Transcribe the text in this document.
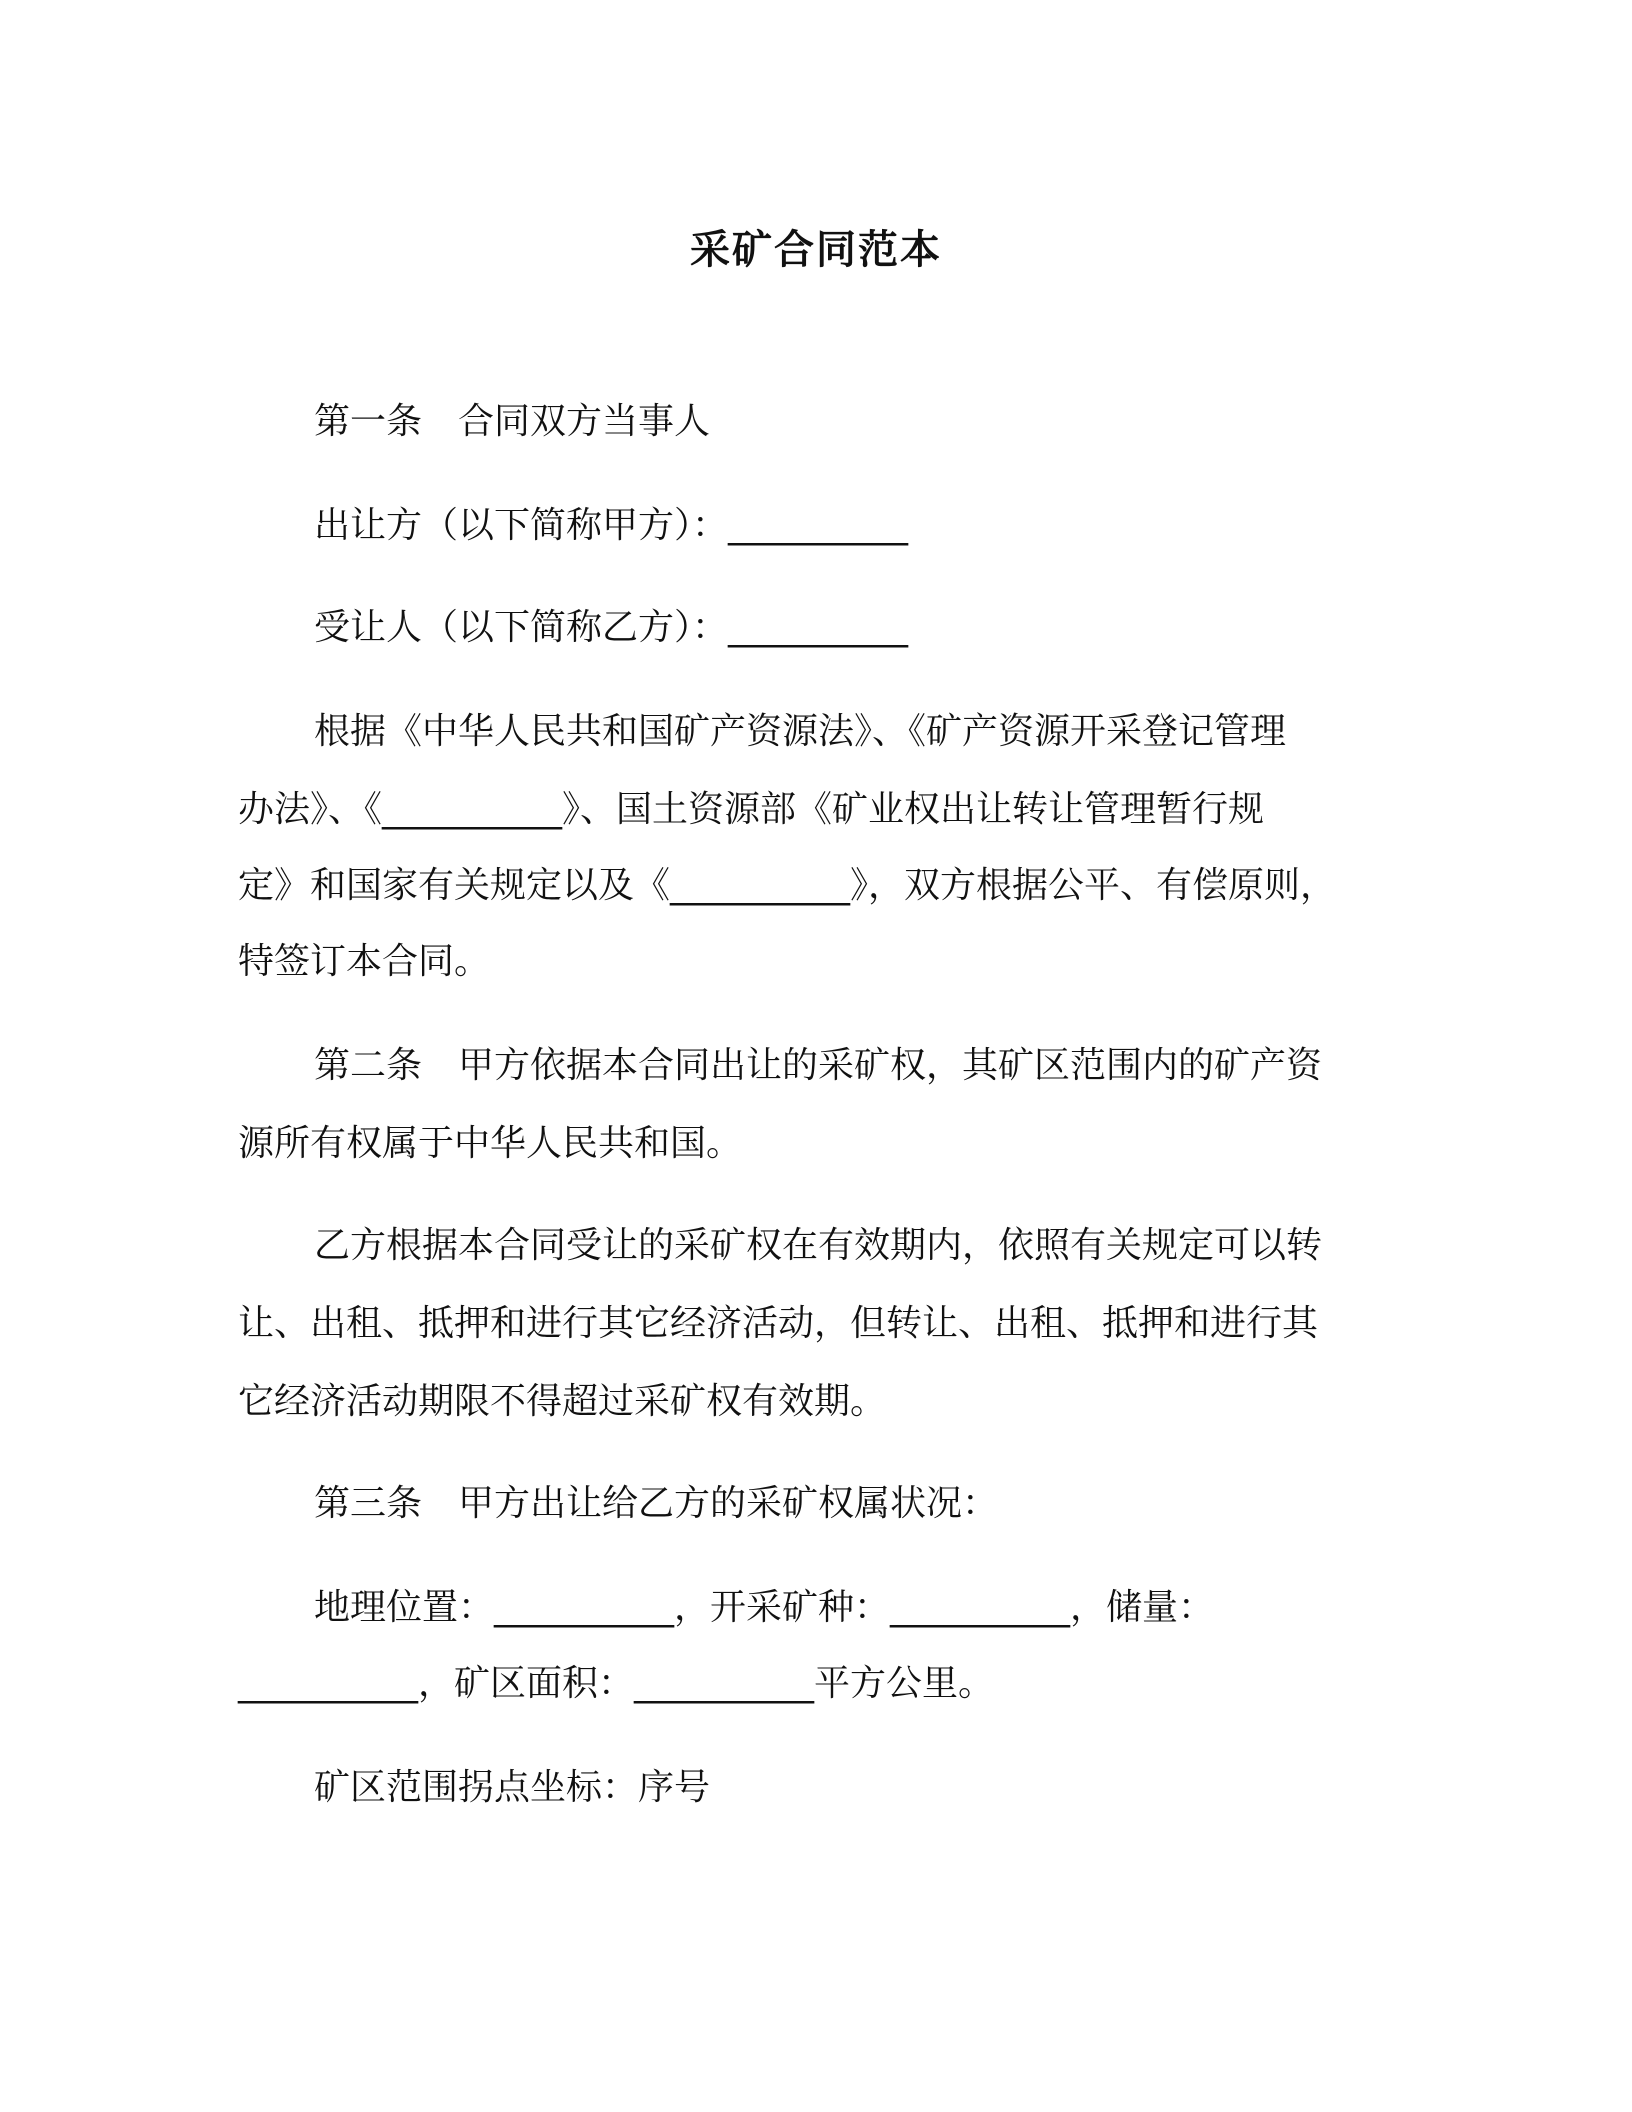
采矿合同范本

第一条　合同双方当事人

出让方（以下简称甲方）：__________

受让人（以下简称乙方）：__________

根据《中华人民共和国矿产资源法》、《矿产资源开采登记管理

办法》、《__________》、国土资源部《矿业权出让转让管理暂行规

定》和国家有关规定以及《__________》，双方根据公平、有偿原则，

特签订本合同。

第二条　甲方依据本合同出让的采矿权，其矿区范围内的矿产资

源所有权属于中华人民共和国。

乙方根据本合同受让的采矿权在有效期内，依照有关规定可以转

让、出租、抵押和进行其它经济活动，但转让、出租、抵押和进行其

它经济活动期限不得超过采矿权有效期。

第三条　甲方出让给乙方的采矿权属状况：

地理位置：__________，开采矿种：__________，储量：

__________，矿区面积：__________平方公里。

矿区范围拐点坐标：序号
